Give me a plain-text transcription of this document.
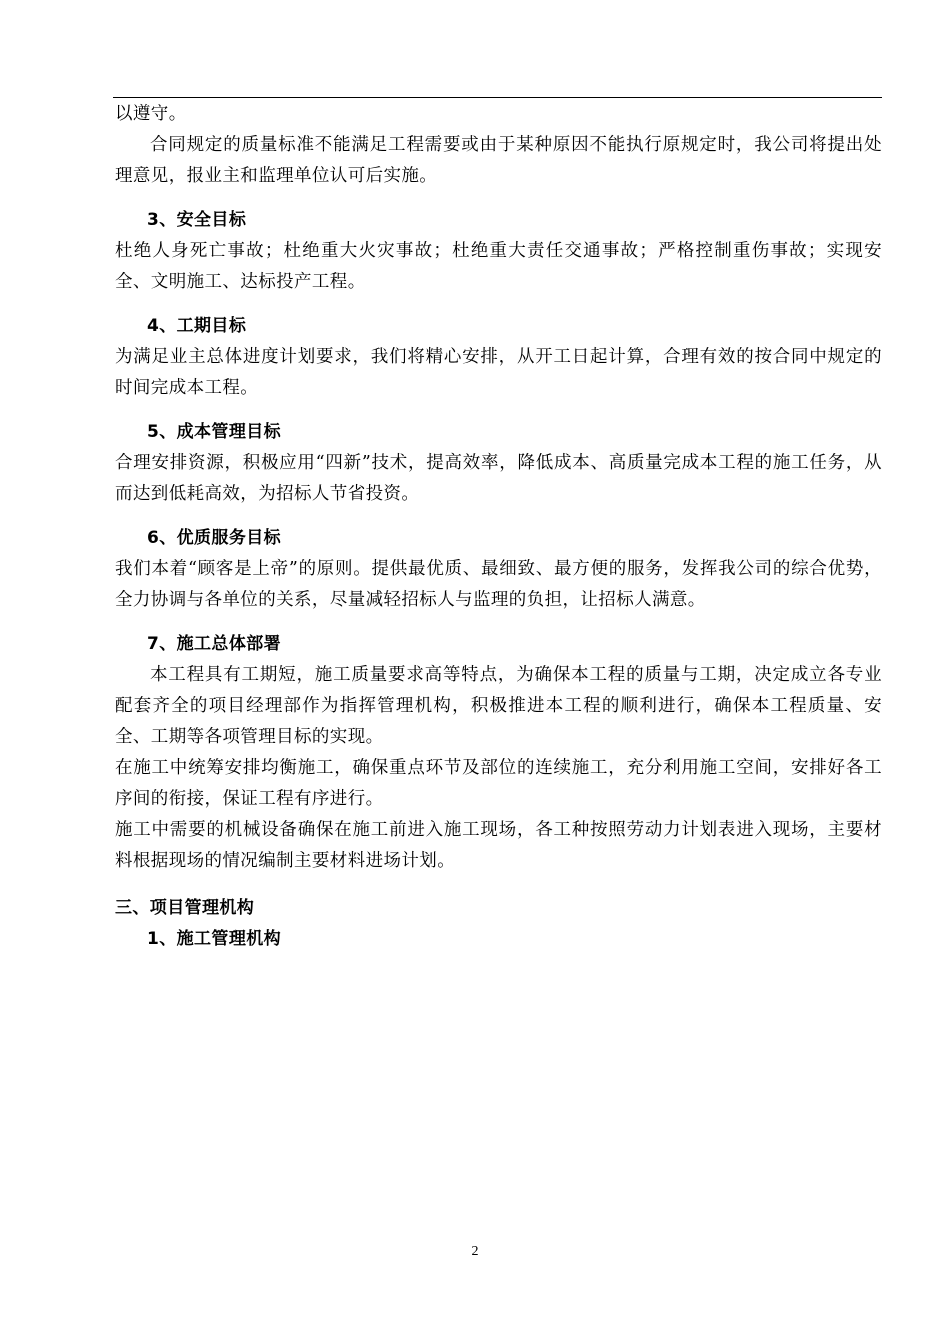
以遵守。

合同规定的质量标准不能满足工程需要或由于某种原因不能执行原规定时，我公司将提出处理意见，报业主和监理单位认可后实施。

3、安全目标

杜绝人身死亡事故；杜绝重大火灾事故；杜绝重大责任交通事故；严格控制重伤事故；实现安全、文明施工、达标投产工程。

4、工期目标

为满足业主总体进度计划要求，我们将精心安排，从开工日起计算，合理有效的按合同中规定的时间完成本工程。

5、成本管理目标

合理安排资源，积极应用“四新”技术，提高效率，降低成本、高质量完成本工程的施工任务，从而达到低耗高效，为招标人节省投资。

6、优质服务目标

我们本着“顾客是上帝”的原则。提供最优质、最细致、最方便的服务，发挥我公司的综合优势，全力协调与各单位的关系，尽量减轻招标人与监理的负担，让招标人满意。

7、施工总体部署

本工程具有工期短，施工质量要求高等特点，为确保本工程的质量与工期，决定成立各专业配套齐全的项目经理部作为指挥管理机构，积极推进本工程的顺利进行，确保本工程质量、安全、工期等各项管理目标的实现。

在施工中统筹安排均衡施工，确保重点环节及部位的连续施工，充分利用施工空间，安排好各工序间的衔接，保证工程有序进行。

施工中需要的机械设备确保在施工前进入施工现场，各工种按照劳动力计划表进入现场，主要材料根据现场的情况编制主要材料进场计划。

三、项目管理机构

1、施工管理机构

2
